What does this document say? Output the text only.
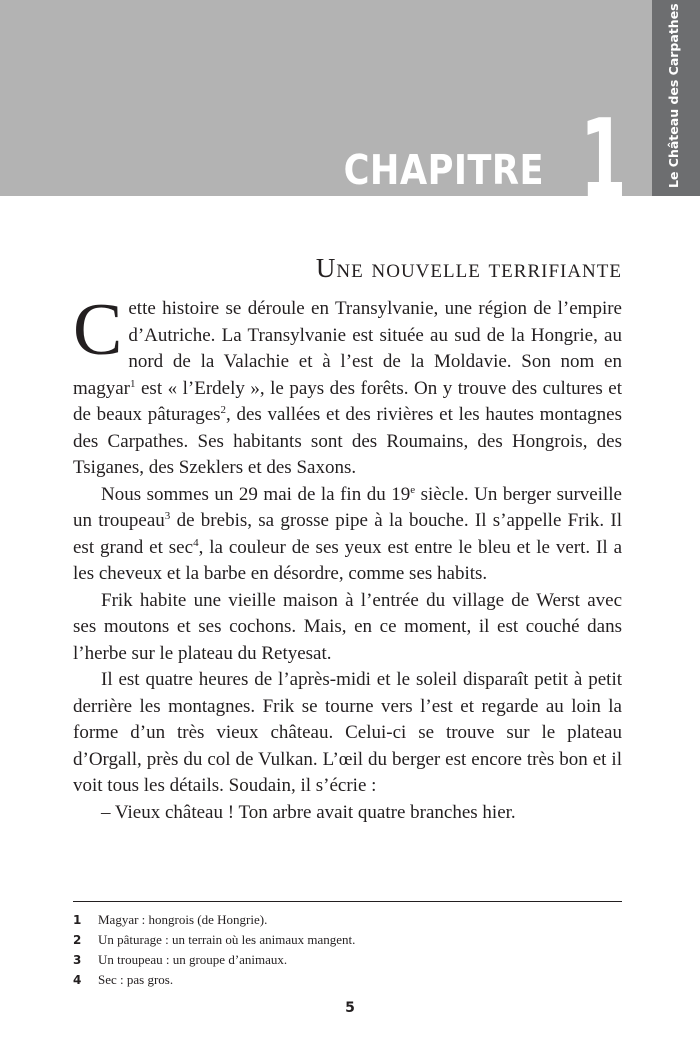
CHAPITRE 1	Le Château des Carpathes
Une nouvelle terrifiante

Cette histoire se déroule en Transylvanie, une région de l’empire d’Autriche. La Transylvanie est située au sud de la Hongrie, au nord de la Valachie et à l’est de la Moldavie. Son nom en magyar$^1$ est « l’Erdely », le pays des forêts. On y trouve des cultures et de beaux pâturages$^2$, des vallées et des rivières et les hautes montagnes des Carpathes. Ses habitants sont des Roumains, des Hongrois, des Tsiganes, des Szeklers et des Saxons.

Nous sommes un 29 mai de la fin du 19e siècle. Un berger surveille un troupeau$^3$ de brebis, sa grosse pipe à la bouche. Il s’appelle Frik. Il est grand et $\sec^4$, la couleur de ses yeux est entre le bleu et le vert. Il a les cheveux et la barbe en désordre, comme ses habits.

Frik habite une vieille maison à l’entrée du village de Werst avec ses moutons et ses cochons. Mais, en ce moment, il est couché dans l’herbe sur le plateau du Retyesat.

Il est quatre heures de l’après-midi et le soleil disparaît petit à petit derrière les montagnes. Frik se tourne vers l’est et regarde au loin la forme d’un très vieux château. Celui-ci se trouve sur le plateau d’Orgall, près du col de Vulkan. L’œil du berger est encore très bon et il voit tous les détails. Soudain, il s’écrie :

– Vieux château ! Ton arbre avait quatre branches hier.

1	Magyar : hongrois (de Hongrie).
2	Un pâturage : un terrain où les animaux mangent.
3	Un troupeau : un groupe d’animaux.
4	Sec : pas gros.
5
